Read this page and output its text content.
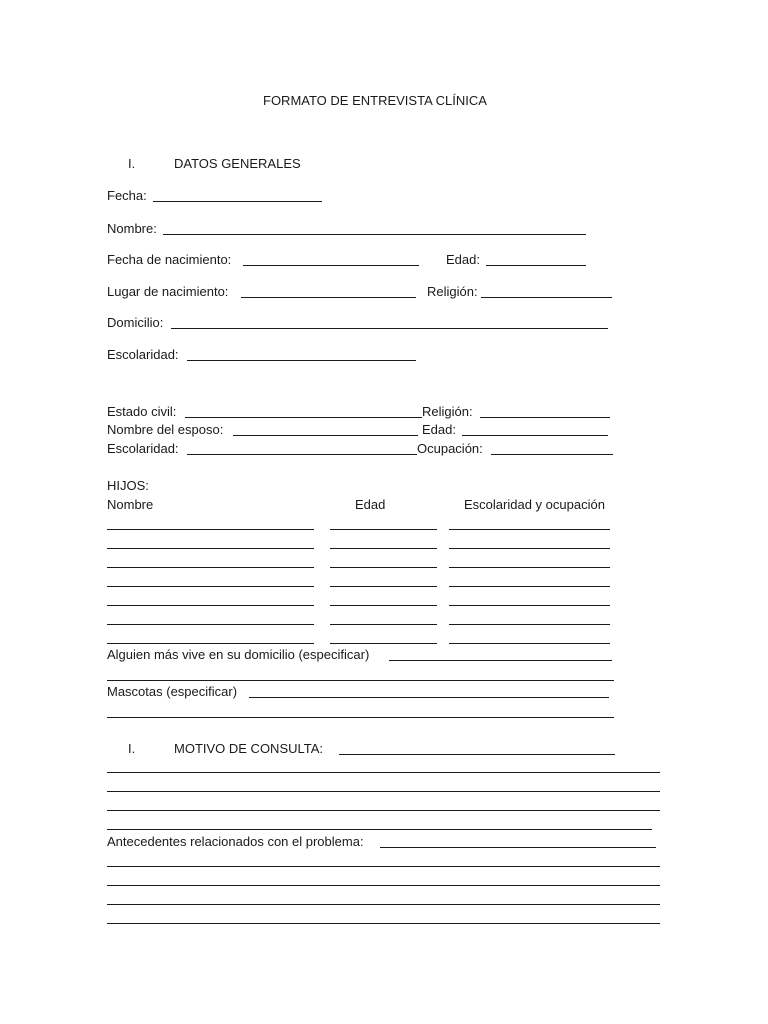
FORMATO DE ENTREVISTA CLÍNICA
I.	DATOS GENERALES
Fecha:
Nombre:
Fecha de nacimiento:	Edad:
Lugar de nacimiento:	Religión:
Domicilio:
Escolaridad:
Estado civil:	Religión:
Nombre del esposo:	Edad:
Escolaridad:	Ocupación:
HIJOS:
Nombre	Edad	Escolaridad y ocupación
Alguien más vive en su domicilio (especificar)
Mascotas (especificar)
I.	MOTIVO DE CONSULTA:
Antecedentes relacionados con el problema:
